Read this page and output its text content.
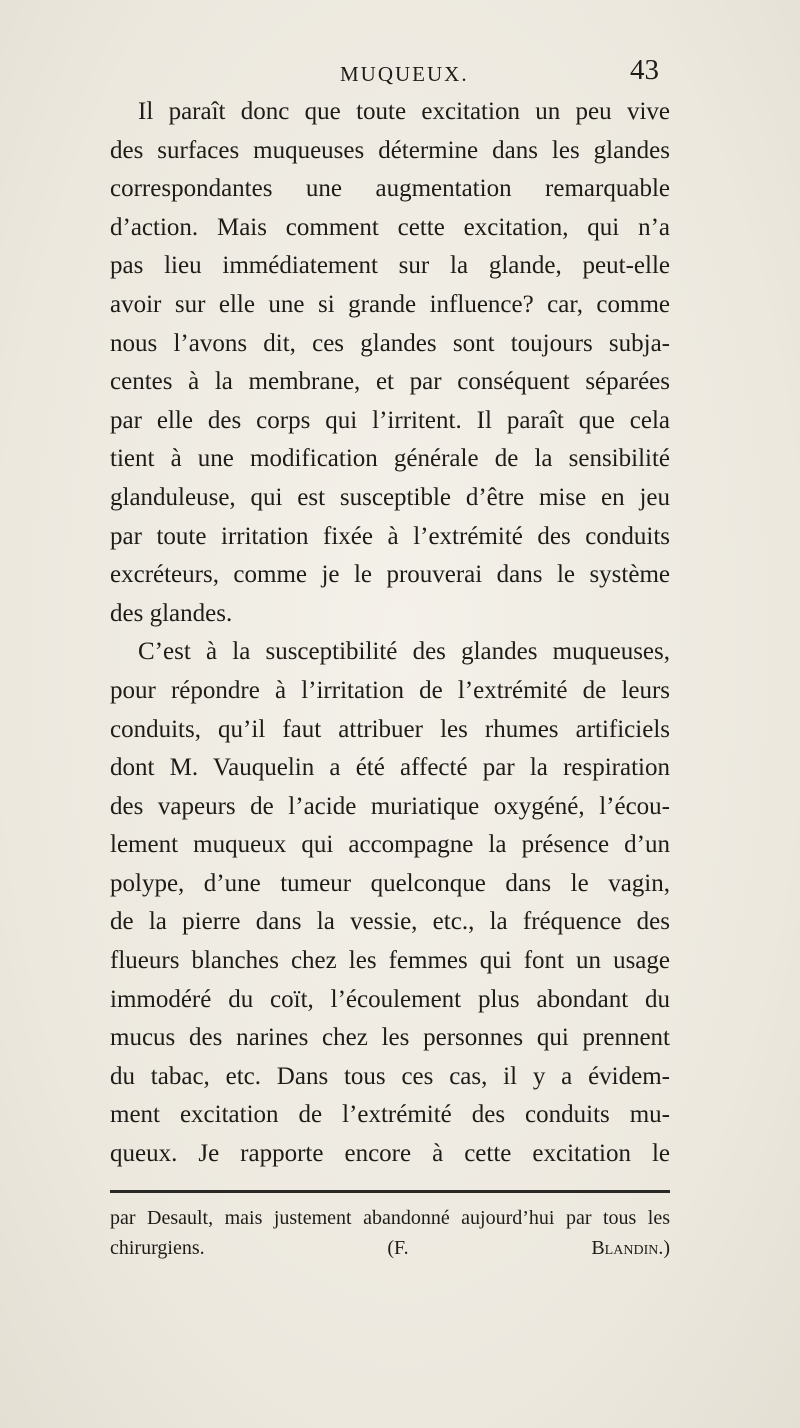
MUQUEUX.	43

Il paraît donc que toute excitation un peu vive
des surfaces muqueuses détermine dans les glandes
correspondantes une augmentation remarquable
d’action. Mais comment cette excitation, qui n’a
pas lieu immédiatement sur la glande, peut-elle
avoir sur elle une si grande influence? car, comme
nous l’avons dit, ces glandes sont toujours subja-
centes à la membrane, et par conséquent séparées
par elle des corps qui l’irritent. Il paraît que cela
tient à une modification générale de la sensibilité
glanduleuse, qui est susceptible d’être mise en jeu
par toute irritation fixée à l’extrémité des conduits
excréteurs, comme je le prouverai dans le système
des glandes.

C’est à la susceptibilité des glandes muqueuses,
pour répondre à l’irritation de l’extrémité de leurs
conduits, qu’il faut attribuer les rhumes artificiels
dont M. Vauquelin a été affecté par la respiration
des vapeurs de l’acide muriatique oxygéné, l’écou-
lement muqueux qui accompagne la présence d’un
polype, d’une tumeur quelconque dans le vagin,
de la pierre dans la vessie, etc., la fréquence des
flueurs blanches chez les femmes qui font un usage
immodéré du coït, l’écoulement plus abondant du
mucus des narines chez les personnes qui prennent
du tabac, etc. Dans tous ces cas, il y a évidem-
ment excitation de l’extrémité des conduits mu-
queux. Je rapporte encore à cette excitation le

par Desault, mais justement abandonné aujourd’hui par tous les
chirurgiens.	(F. Blandin.)
